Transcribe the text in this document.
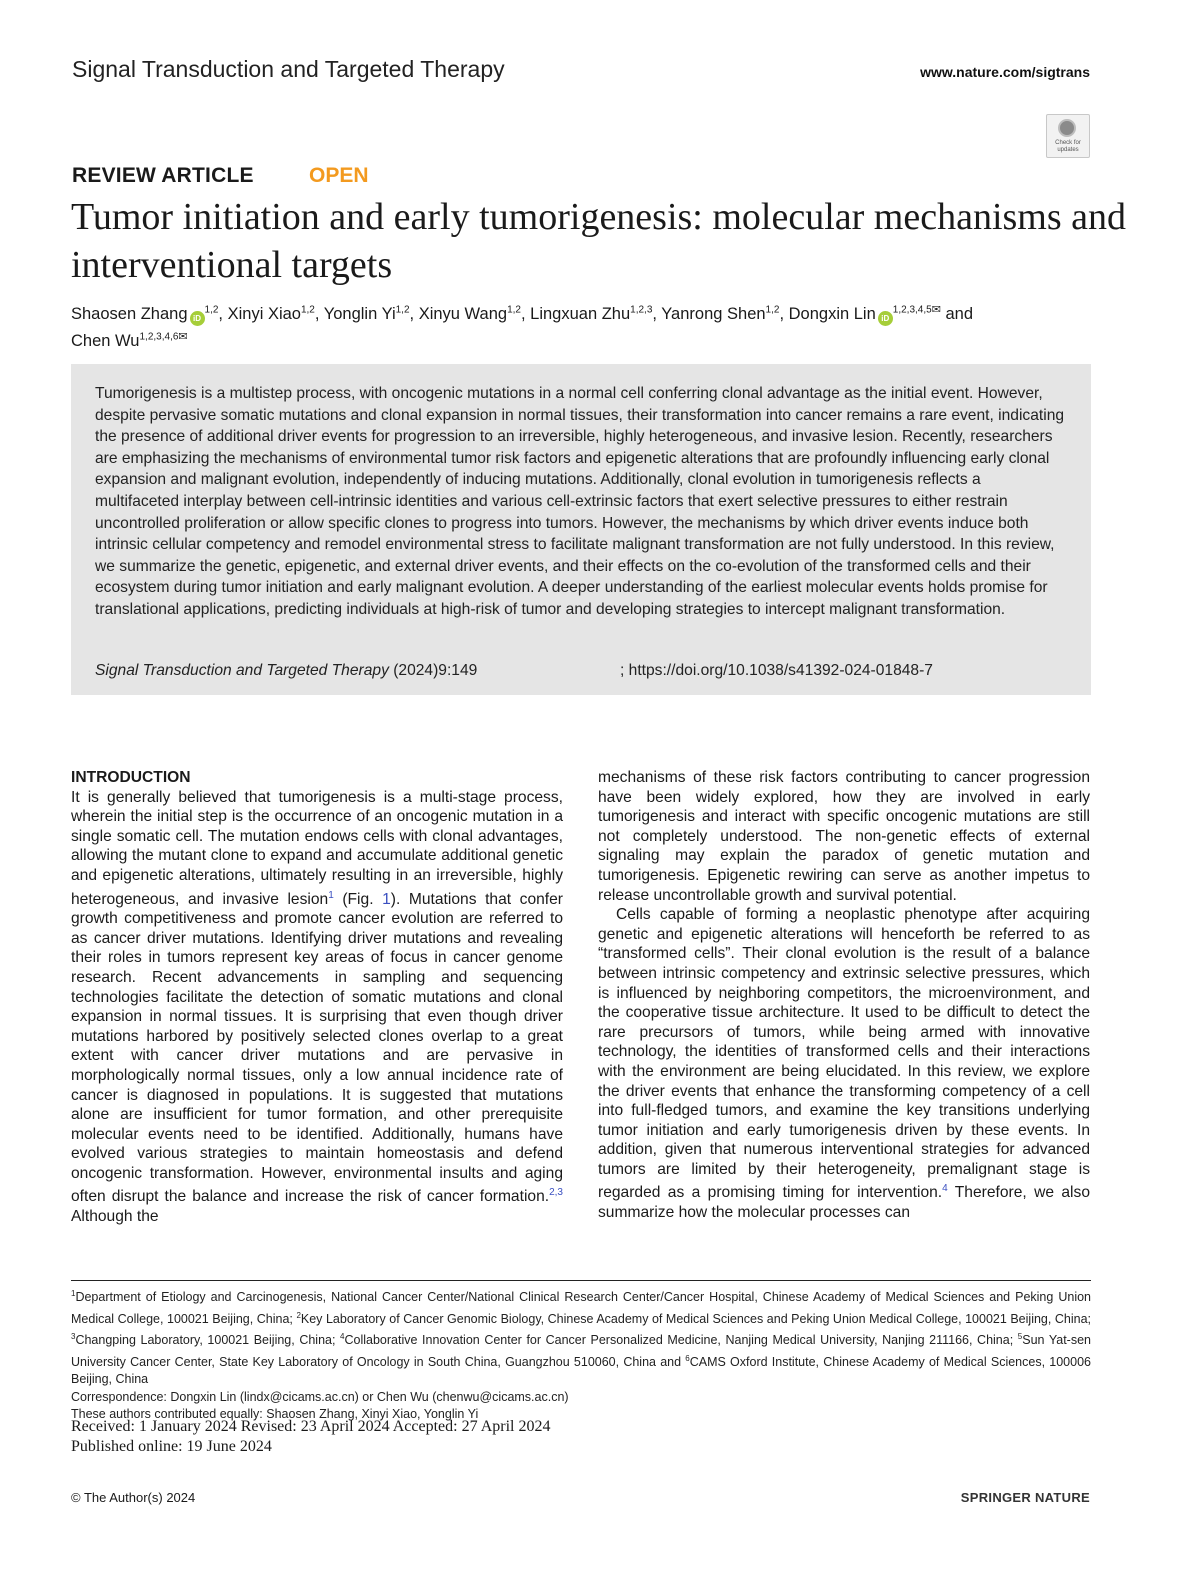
Signal Transduction and Targeted Therapy	www.nature.com/sigtrans
Check for updates
REVIEW ARTICLE	OPEN
Tumor initiation and early tumorigenesis: molecular mechanisms and interventional targets
Shaosen Zhang iD$^{1,2}$, Xinyi Xiao$^{1,2}$, Yonglin Yi$^{1,2}$, Xinyu Wang$^{1,2}$, Lingxuan Zhu$^{1,2,3}$, Yanrong Shen$^{1,2}$, Dongxin Lin $iD^{1,2,3,4,5✉}$ and
Chen $Wu^{1,2,3,4,6✉}$
Tumorigenesis is a multistep process, with oncogenic mutations in a normal cell conferring clonal advantage as the initial event. However, despite pervasive somatic mutations and clonal expansion in normal tissues, their transformation into cancer remains a rare event, indicating the presence of additional driver events for progression to an irreversible, highly heterogeneous, and invasive lesion. Recently, researchers are emphasizing the mechanisms of environmental tumor risk factors and epigenetic alterations that are profoundly influencing early clonal expansion and malignant evolution, independently of inducing mutations. Additionally, clonal evolution in tumorigenesis reflects a multifaceted interplay between cell-intrinsic identities and various cell-extrinsic factors that exert selective pressures to either restrain uncontrolled proliferation or allow specific clones to progress into tumors. However, the mechanisms by which driver events induce both intrinsic cellular competency and remodel environmental stress to facilitate malignant transformation are not fully understood. In this review, we summarize the genetic, epigenetic, and external driver events, and their effects on the co-evolution of the transformed cells and their ecosystem during tumor initiation and early malignant evolution. A deeper understanding of the earliest molecular events holds promise for translational applications, predicting individuals at high-risk of tumor and developing strategies to intercept malignant transformation.
Signal Transduction and Targeted Therapy (2024)9:149	; https://doi.org/10.1038/s41392-024-01848-7
INTRODUCTION

It is generally believed that tumorigenesis is a multi-stage process, wherein the initial step is the occurrence of an oncogenic mutation in a single somatic cell. The mutation endows cells with clonal advantages, allowing the mutant clone to expand and accumulate additional genetic and epigenetic alterations, ultimately resulting in an irreversible, highly heterogeneous, and invasive lesion$^1$ (Fig. 1). Mutations that confer growth competitiveness and promote cancer evolution are referred to as cancer driver mutations. Identifying driver mutations and revealing their roles in tumors represent key areas of focus in cancer genome research. Recent advancements in sampling and sequencing technologies facilitate the detection of somatic mutations and clonal expansion in normal tissues. It is surprising that even though driver mutations harbored by positively selected clones overlap to a great extent with cancer driver mutations and are pervasive in morphologically normal tissues, only a low annual incidence rate of cancer is diagnosed in populations. It is suggested that mutations alone are insufficient for tumor formation, and other prerequisite molecular events need to be identified. Additionally, humans have evolved various strategies to maintain homeostasis and defend oncogenic transformation. However, environmental insults and aging often disrupt the balance and increase the risk of cancer formation.$^{2,3}$ Although the

mechanisms of these risk factors contributing to cancer progression have been widely explored, how they are involved in early tumorigenesis and interact with specific oncogenic mutations are still not completely understood. The non-genetic effects of external signaling may explain the paradox of genetic mutation and tumorigenesis. Epigenetic rewiring can serve as another impetus to release uncontrollable growth and survival potential.

Cells capable of forming a neoplastic phenotype after acquiring genetic and epigenetic alterations will henceforth be referred to as “transformed cells”. Their clonal evolution is the result of a balance between intrinsic competency and extrinsic selective pressures, which is influenced by neighboring competitors, the microenvironment, and the cooperative tissue architecture. It used to be difficult to detect the rare precursors of tumors, while being armed with innovative technology, the identities of transformed cells and their interactions with the environment are being elucidated. In this review, we explore the driver events that enhance the transforming competency of a cell into full-fledged tumors, and examine the key transitions underlying tumor initiation and early tumorigenesis driven by these events. In addition, given that numerous interventional strategies for advanced tumors are limited by their heterogeneity, premalignant stage is regarded as a promising timing for intervention.$^4$ Therefore, we also summarize how the molecular processes can

$^1$Department of Etiology and Carcinogenesis, National Cancer Center/National Clinical Research Center/Cancer Hospital, Chinese Academy of Medical Sciences and Peking Union Medical College, 100021 Beijing, China; $^2$Key Laboratory of Cancer Genomic Biology, Chinese Academy of Medical Sciences and Peking Union Medical College, 100021 Beijing, China; $^3$Changping Laboratory, 100021 Beijing, China; $^4$Collaborative Innovation Center for Cancer Personalized Medicine, Nanjing Medical University, Nanjing 211166, China; $^5$Sun Yat-sen University Cancer Center, State Key Laboratory of Oncology in South China, Guangzhou 510060, China and $^6$CAMS Oxford Institute, Chinese Academy of Medical Sciences, 100006 Beijing, China
Correspondence: Dongxin Lin (lindx@cicams.ac.cn) or Chen Wu (chenwu@cicams.ac.cn)
These authors contributed equally: Shaosen Zhang, Xinyi Xiao, Yonglin Yi
Received: 1 January 2024 Revised: 23 April 2024 Accepted: 27 April 2024
Published online: 19 June 2024
© The Author(s) 2024	SPRINGER NATURE
